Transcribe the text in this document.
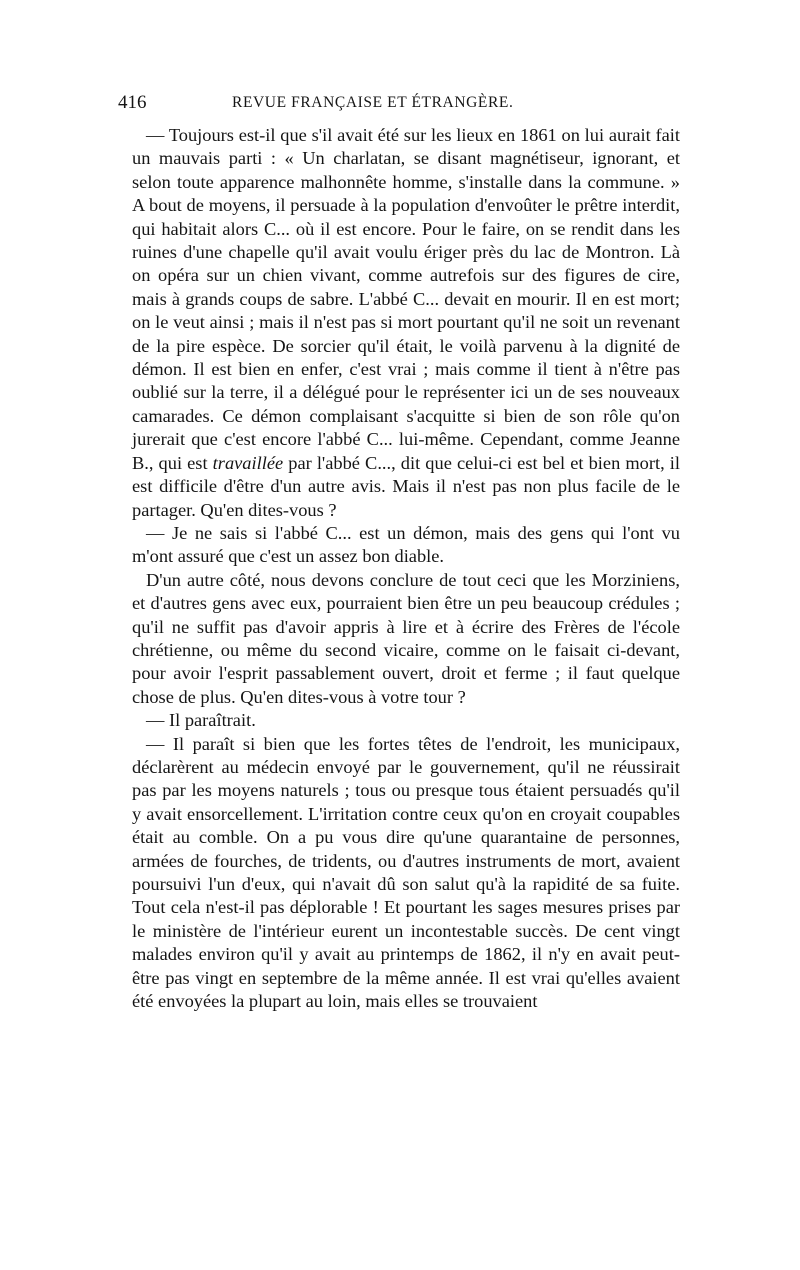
416	REVUE FRANÇAISE ET ÉTRANGÈRE.

— Toujours est-il que s'il avait été sur les lieux en 1861 on lui aurait fait un mauvais parti : « Un charlatan, se disant magnétiseur, ignorant, et selon toute apparence malhonnête homme, s'installe dans la commune. » A bout de moyens, il persuade à la population d'envoûter le prêtre interdit, qui habitait alors C... où il est encore. Pour le faire, on se rendit dans les ruines d'une chapelle qu'il avait voulu ériger près du lac de Montron. Là on opéra sur un chien vivant, comme autrefois sur des figures de cire, mais à grands coups de sabre. L'abbé C... devait en mourir. Il en est mort; on le veut ainsi ; mais il n'est pas si mort pourtant qu'il ne soit un revenant de la pire espèce. De sorcier qu'il était, le voilà parvenu à la dignité de démon. Il est bien en enfer, c'est vrai ; mais comme il tient à n'être pas oublié sur la terre, il a délégué pour le représenter ici un de ses nouveaux camarades. Ce démon complaisant s'acquitte si bien de son rôle qu'on jurerait que c'est encore l'abbé C... lui-même. Cependant, comme Jeanne B., qui est travaillée par l'abbé C..., dit que celui-ci est bel et bien mort, il est difficile d'être d'un autre avis. Mais il n'est pas non plus facile de le partager. Qu'en dites-vous ?

— Je ne sais si l'abbé C... est un démon, mais des gens qui l'ont vu m'ont assuré que c'est un assez bon diable.

D'un autre côté, nous devons conclure de tout ceci que les Morziniens, et d'autres gens avec eux, pourraient bien être un peu beaucoup crédules ; qu'il ne suffit pas d'avoir appris à lire et à écrire des Frères de l'école chrétienne, ou même du second vicaire, comme on le faisait ci-devant, pour avoir l'esprit passablement ouvert, droit et ferme ; il faut quelque chose de plus. Qu'en dites-vous à votre tour ?

— Il paraîtrait.

— Il paraît si bien que les fortes têtes de l'endroit, les municipaux, déclarèrent au médecin envoyé par le gouvernement, qu'il ne réussirait pas par les moyens naturels ; tous ou presque tous étaient persuadés qu'il y avait ensorcellement. L'irritation contre ceux qu'on en croyait coupables était au comble. On a pu vous dire qu'une quarantaine de personnes, armées de fourches, de tridents, ou d'autres instruments de mort, avaient poursuivi l'un d'eux, qui n'avait dû son salut qu'à la rapidité de sa fuite. Tout cela n'est-il pas déplorable ! Et pourtant les sages mesures prises par le ministère de l'intérieur eurent un incontestable succès. De cent vingt malades environ qu'il y avait au printemps de 1862, il n'y en avait peut-être pas vingt en septembre de la même année. Il est vrai qu'elles avaient été envoyées la plupart au loin, mais elles se trouvaient
